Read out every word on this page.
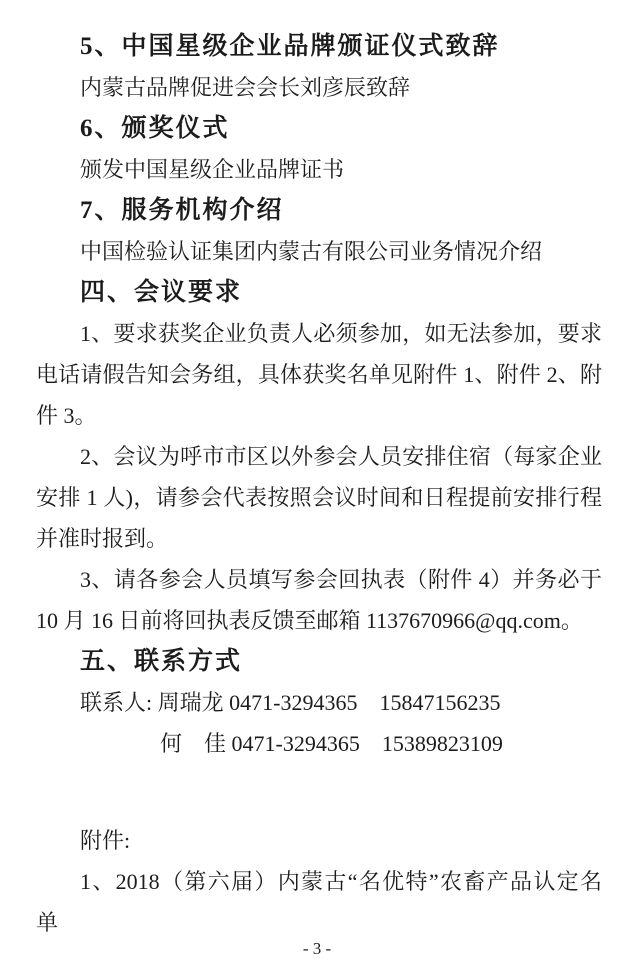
5、中国星级企业品牌颁证仪式致辞
内蒙古品牌促进会会长刘彦辰致辞
6、颁奖仪式
颁发中国星级企业品牌证书
7、服务机构介绍
中国检验认证集团内蒙古有限公司业务情况介绍
四、会议要求
1、要求获奖企业负责人必须参加，如无法参加，要求
电话请假告知会务组，具体获奖名单见附件 1、附件 2、附
件 3。
2、会议为呼市市区以外参会人员安排住宿（每家企业
安排 1 人)，请参会代表按照会议时间和日程提前安排行程
并准时报到。
3、请各参会人员填写参会回执表（附件 4）并务必于
10 月 16 日前将回执表反馈至邮箱 1137670966@qq.com。
五、联系方式
联系人: 周瑞龙 0471-3294365　15847156235
何　佳 0471-3294365　15389823109
附件:
1、2018（第六届）内蒙古“名优特”农畜产品认定名
单
- 3 -
